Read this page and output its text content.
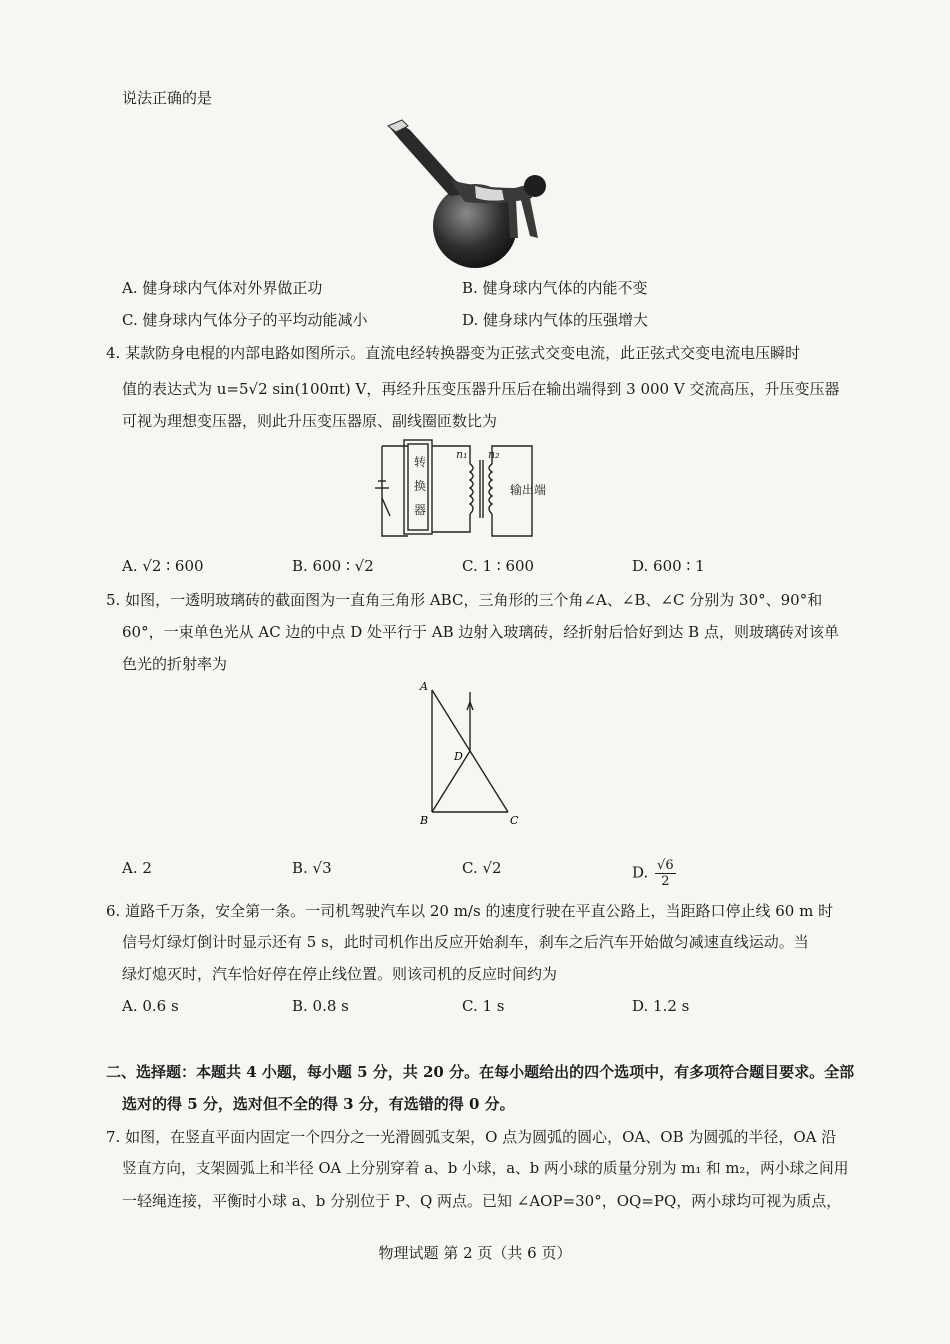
说法正确的是
A. 健身球内气体对外界做正功	B. 健身球内气体的内能不变
C. 健身球内气体分子的平均动能减小	D. 健身球内气体的压强增大
4. 某款防身电棍的内部电路如图所示。直流电经转换器变为正弦式交变电流，此正弦式交变电流电压瞬时
值的表达式为 u=5√2 sin(100πt) V，再经升压变压器升压后在输出端得到 3 000 V 交流高压，升压变压器
可视为理想变压器，则此升压变压器原、副线圈匝数比为
转
换
器
n₁ n₂
输出端
A. √2 ∶ 600	B. 600 ∶ √2	C. 1 ∶ 600	D. 600 ∶ 1
5. 如图，一透明玻璃砖的截面图为一直角三角形 ABC，三角形的三个角∠A、∠B、∠C 分别为 30°、90°和
60°，一束单色光从 AC 边的中点 D 处平行于 AB 边射入玻璃砖，经折射后恰好到达 B 点，则玻璃砖对该单
色光的折射率为
A
B	C
D
A. 2	B. √3	C. √2	D. $\frac{√6}{2}$
6. 道路千万条，安全第一条。一司机驾驶汽车以 20 m/s 的速度行驶在平直公路上，当距路口停止线 60 m 时
信号灯绿灯倒计时显示还有 5 s，此时司机作出反应开始刹车，刹车之后汽车开始做匀减速直线运动。当
绿灯熄灭时，汽车恰好停在停止线位置。则该司机的反应时间约为
A. 0.6 s	B. 0.8 s	C. 1 s	D. 1.2 s
二、选择题：本题共 4 小题，每小题 5 分，共 20 分。在每小题给出的四个选项中，有多项符合题目要求。全部
选对的得 5 分，选对但不全的得 3 分，有选错的得 0 分。
7. 如图，在竖直平面内固定一个四分之一光滑圆弧支架，O 点为圆弧的圆心，OA、OB 为圆弧的半径，OA 沿
竖直方向，支架圆弧上和半径 OA 上分别穿着 a、b 小球，a、b 两小球的质量分别为 m₁ 和 m₂，两小球之间用
一轻绳连接，平衡时小球 a、b 分别位于 P、Q 两点。已知 ∠AOP=30°，OQ=PQ，两小球均可视为质点，
物理试题 第 2 页（共 6 页）
